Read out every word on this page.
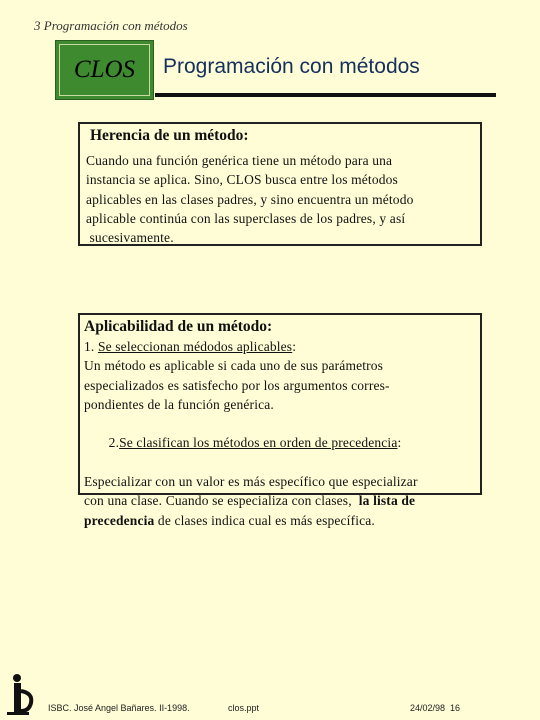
3 Programación con métodos
CLOS Programación con métodos
Herencia de un método:
Cuando una función genérica tiene un método para una
instancia se aplica. Sino, CLOS busca entre los métodos
aplicables en las clases padres, y sino encuentra un método
aplicable continúa con las superclases de los padres, y así
sucesivamente.
Aplicabilidad de un método:
1. Se seleccionan médodos aplicables:
Un método es aplicable si cada uno de sus parámetros
especializados es satisfecho por los argumentos corres-
pondientes de la función genérica.

2.Se clasifican los métodos en orden de precedencia:

Especializar con un valor es más específico que especializar
con una clase. Cuando se especializa con clases,  la lista de
precedencia de clases indica cual es más específica.
ISBC. José Angel Bañares. II-1998.	clos.ppt	24/02/98  16
